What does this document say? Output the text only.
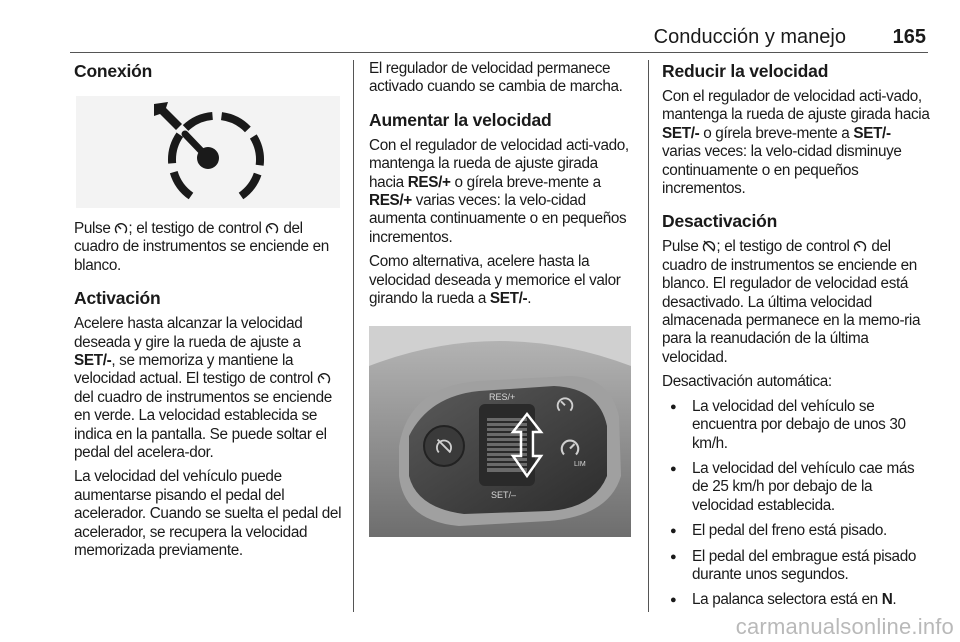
Conducción y manejo 165
Conexión

Pulse ; el testigo de control  del cuadro de instrumentos se enciende en blanco.

Activación

Acelere hasta alcanzar la velocidad deseada y gire la rueda de ajuste a SET/-, se memoriza y mantiene la velocidad actual. El testigo de control  del cuadro de instrumentos se enciende en verde. La velocidad establecida se indica en la pantalla. Se puede soltar el pedal del acelera-dor.

La velocidad del vehículo puede aumentarse pisando el pedal del acelerador. Cuando se suelta el pedal del acelerador, se recupera la velocidad memorizada previamente.

El regulador de velocidad permanece activado cuando se cambia de marcha.

Aumentar la velocidad

Con el regulador de velocidad acti-vado, mantenga la rueda de ajuste girada hacia RES/+ o gírela breve-mente a RES/+ varias veces: la velo-cidad aumenta continuamente o en pequeños incrementos.

Como alternativa, acelere hasta la velocidad deseada y memorice el valor girando la rueda a SET/-.

RES/+
SET/–
LIM
Reducir la velocidad

Con el regulador de velocidad acti-vado, mantenga la rueda de ajuste girada hacia SET/- o gírela breve-mente a SET/- varias veces: la velo-cidad disminuye continuamente o en pequeños incrementos.

Desactivación

Pulse ; el testigo de control  del cuadro de instrumentos se enciende en blanco. El regulador de velocidad está desactivado. La última velocidad almacenada permanece en la memo-ria para la reanudación de la última velocidad.

Desactivación automática:

● La velocidad del vehículo se encuentra por debajo de unos 30 km/h.
● La velocidad del vehículo cae más de 25 km/h por debajo de la velocidad establecida.
● El pedal del freno está pisado.
● El pedal del embrague está pisado durante unos segundos.
● La palanca selectora está en N.
carmanualsonline.info
